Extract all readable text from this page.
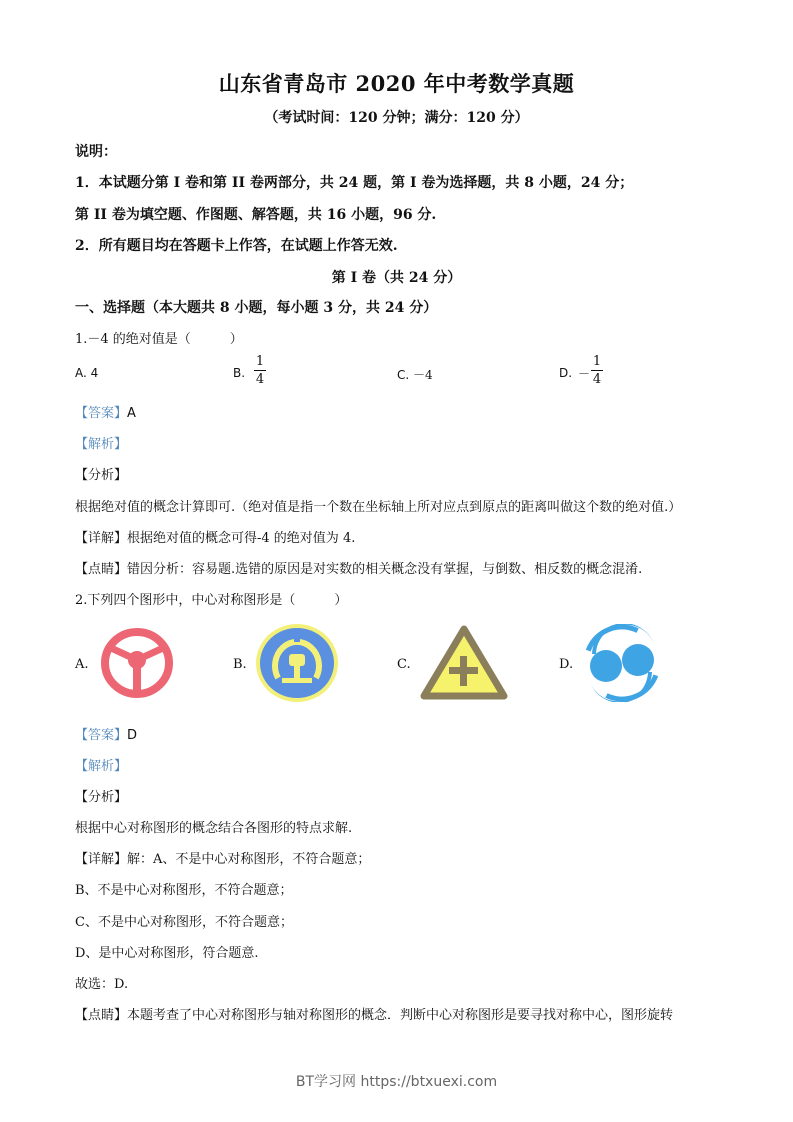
山东省青岛市 2020 年中考数学真题
（考试时间：120 分钟；满分：120 分）
说明：
1．本试题分第 I 卷和第 II 卷两部分，共 24 题，第 I 卷为选择题，共 8 小题，24 分；
第 II 卷为填空题、作图题、解答题，共 16 小题，96 分.
2．所有题目均在答题卡上作答，在试题上作答无效.
第 I 卷（共 24 分）
一、选择题（本大题共 8 小题，每小题 3 分，共 24 分）
1.－4 的绝对值是（　　　）
A. 4	B.
1
4	C. －4	D. －
1
4
【答案】A
【解析】
【分析】
根据绝对值的概念计算即可.（绝对值是指一个数在坐标轴上所对应点到原点的距离叫做这个数的绝对值.）
【详解】根据绝对值的概念可得-4 的绝对值为 4.
【点睛】错因分析：容易题.选错的原因是对实数的相关概念没有掌握，与倒数、相反数的概念混淆.
2.下列四个图形中，中心对称图形是（　　　）
A.	B.	C.	D.
【答案】D
【解析】
【分析】
根据中心对称图形的概念结合各图形的特点求解.
【详解】解：A、不是中心对称图形，不符合题意；
B、不是中心对称图形，不符合题意；
C、不是中心对称图形，不符合题意；
D、是中心对称图形，符合题意.
故选：D.
【点睛】本题考查了中心对称图形与轴对称图形的概念．判断中心对称图形是要寻找对称中心，图形旋转
BT学习网 https://btxuexi.com
